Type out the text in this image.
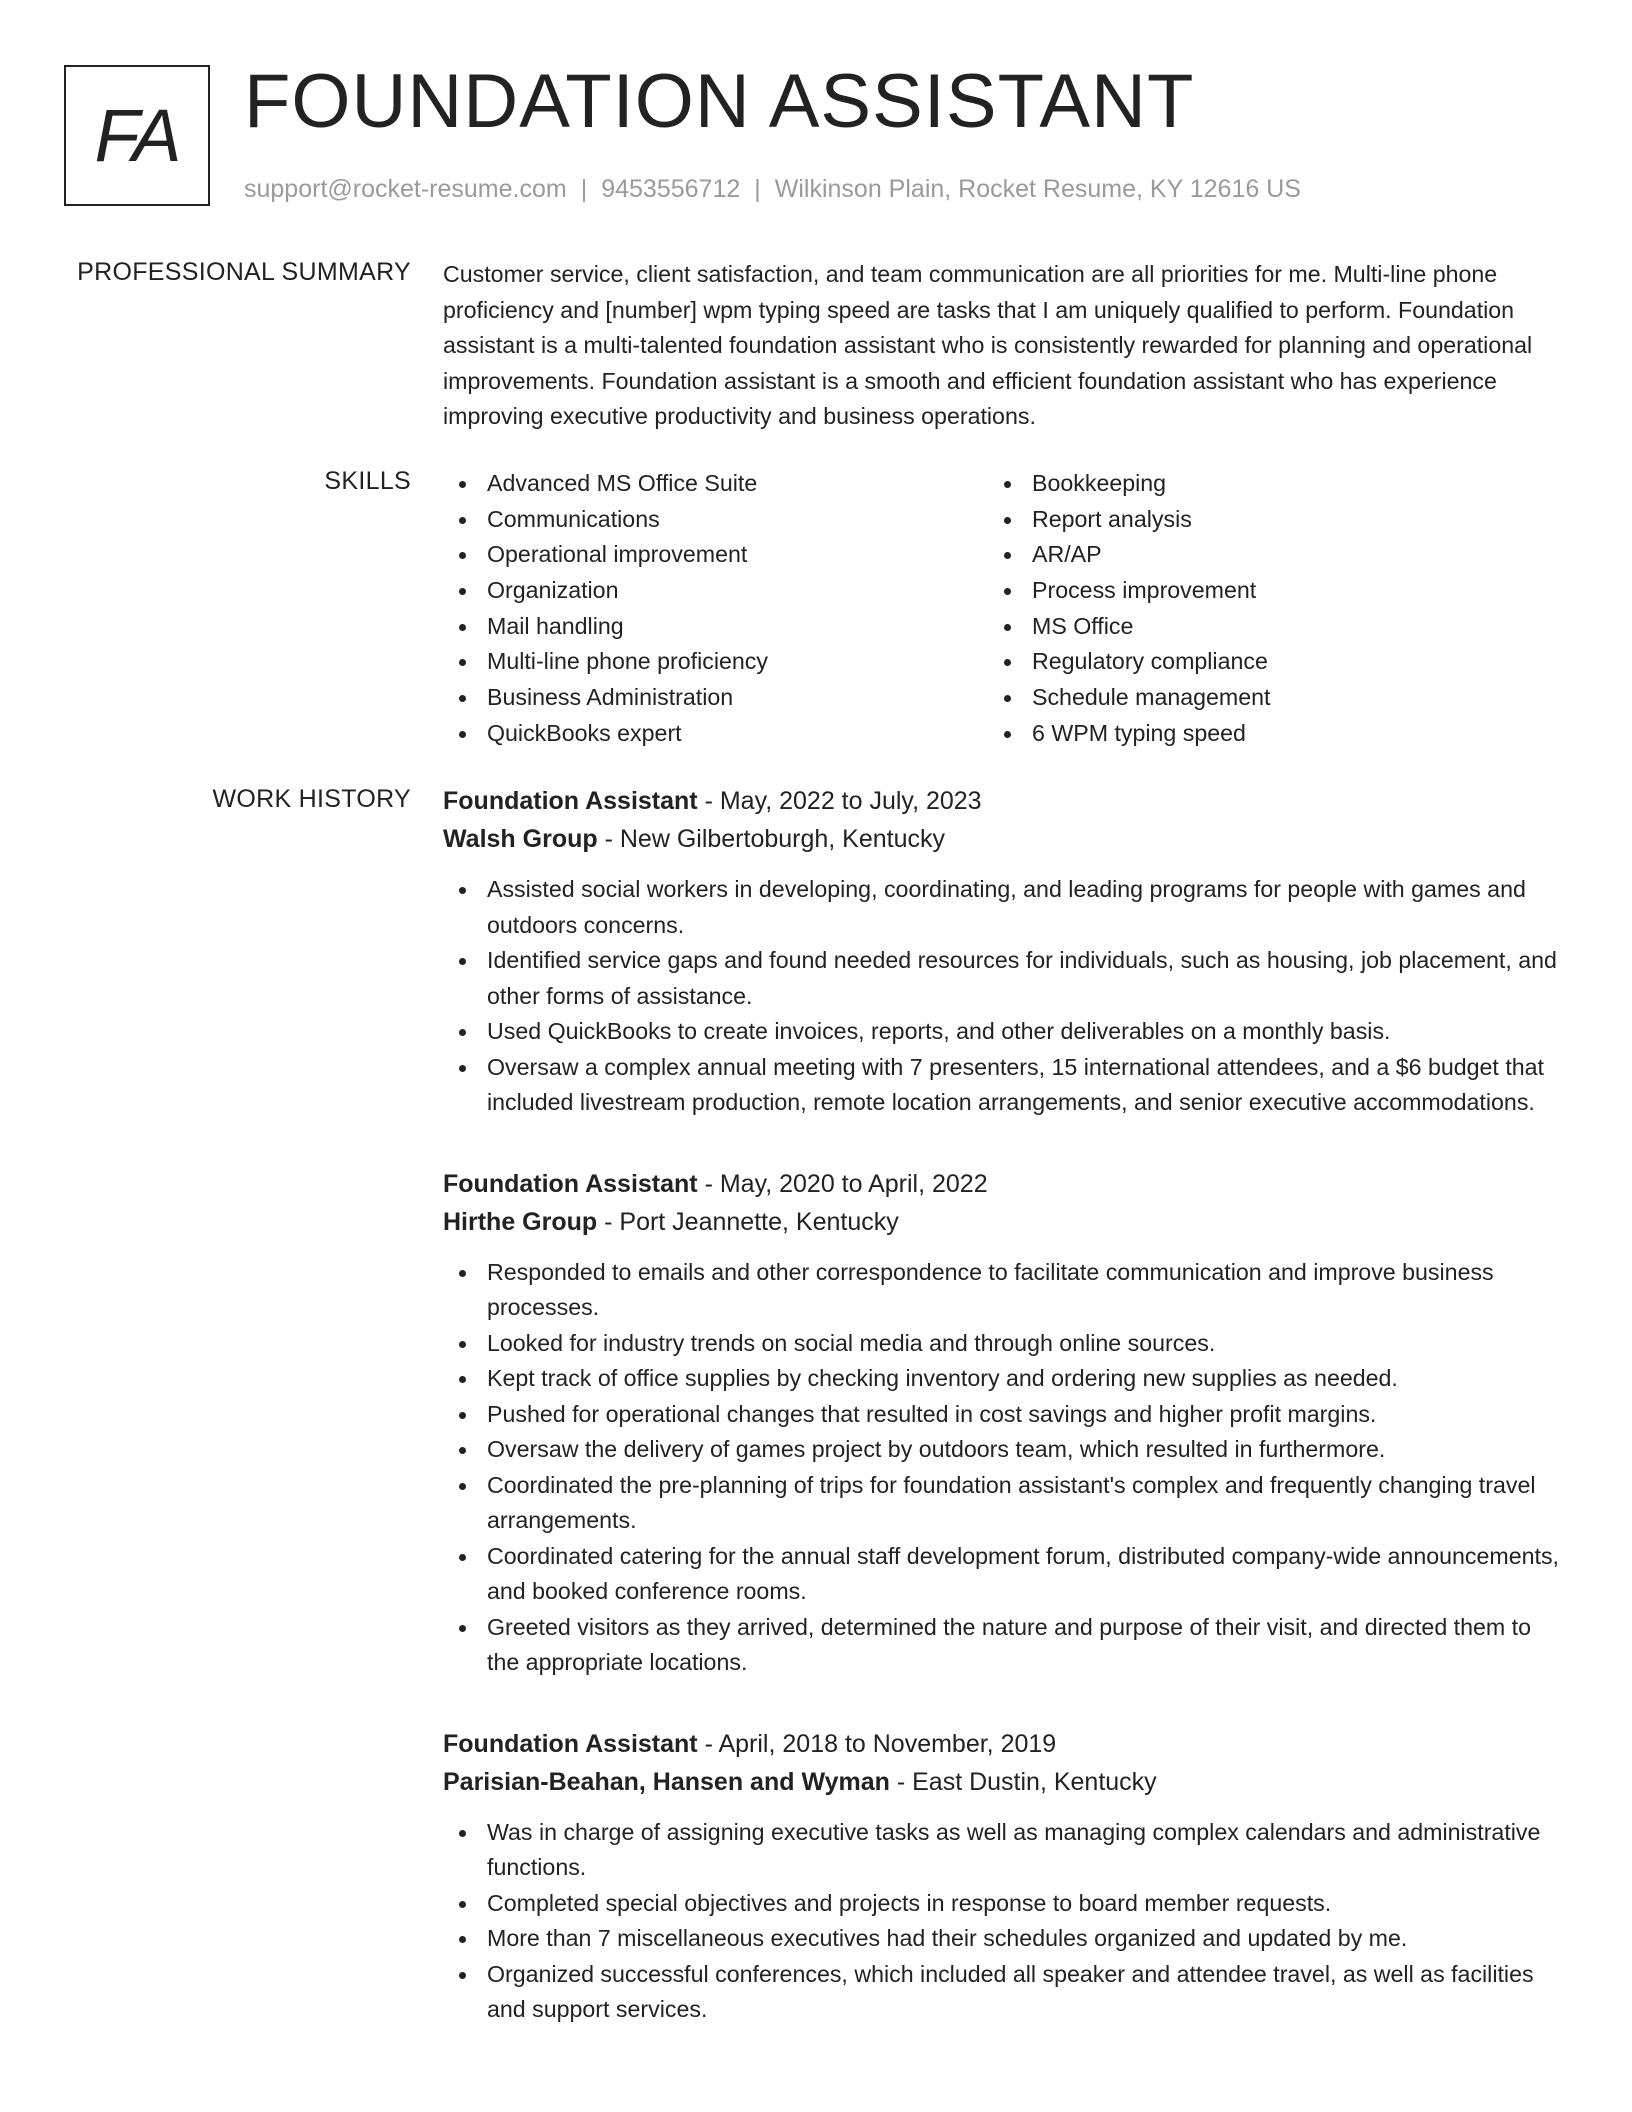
FA FOUNDATION ASSISTANT
support@rocket-resume.com | 9453556712 | Wilkinson Plain, Rocket Resume, KY 12616 US
PROFESSIONAL SUMMARY Customer service, client satisfaction, and team communication are all priorities for me. Multi-line phone proficiency and [number] wpm typing speed are tasks that I am uniquely qualified to perform. Foundation assistant is a multi-talented foundation assistant who is consistently rewarded for planning and operational improvements. Foundation assistant is a smooth and efficient foundation assistant who has experience improving executive productivity and business operations.

SKILLS	Advanced MS Office Suite
Communications
Operational improvement
Organization
Mail handling
Multi-line phone proficiency
Business Administration
QuickBooks expert
Bookkeeping
Report analysis
AR/AP
Process improvement
MS Office
Regulatory compliance
Schedule management
6 WPM typing speed
WORK HISTORY Foundation Assistant - May, 2022 to July, 2023
Walsh Group - New Gilbertoburgh, Kentucky
Assisted social workers in developing, coordinating, and leading programs for people with games and outdoors concerns.
Identified service gaps and found needed resources for individuals, such as housing, job placement, and other forms of assistance.
Used QuickBooks to create invoices, reports, and other deliverables on a monthly basis.
Oversaw a complex annual meeting with 7 presenters, 15 international attendees, and a $6 budget that included livestream production, remote location arrangements, and senior executive accommodations.
Foundation Assistant - May, 2020 to April, 2022
Hirthe Group - Port Jeannette, Kentucky
Responded to emails and other correspondence to facilitate communication and improve business processes.
Looked for industry trends on social media and through online sources.
Kept track of office supplies by checking inventory and ordering new supplies as needed.
Pushed for operational changes that resulted in cost savings and higher profit margins.
Oversaw the delivery of games project by outdoors team, which resulted in furthermore.
Coordinated the pre-planning of trips for foundation assistant's complex and frequently changing travel arrangements.
Coordinated catering for the annual staff development forum, distributed company-wide announcements, and booked conference rooms.
Greeted visitors as they arrived, determined the nature and purpose of their visit, and directed them to the appropriate locations.
Foundation Assistant - April, 2018 to November, 2019
Parisian-Beahan, Hansen and Wyman - East Dustin, Kentucky
Was in charge of assigning executive tasks as well as managing complex calendars and administrative functions.
Completed special objectives and projects in response to board member requests.
More than 7 miscellaneous executives had their schedules organized and updated by me.
Organized successful conferences, which included all speaker and attendee travel, as well as facilities and support services.
